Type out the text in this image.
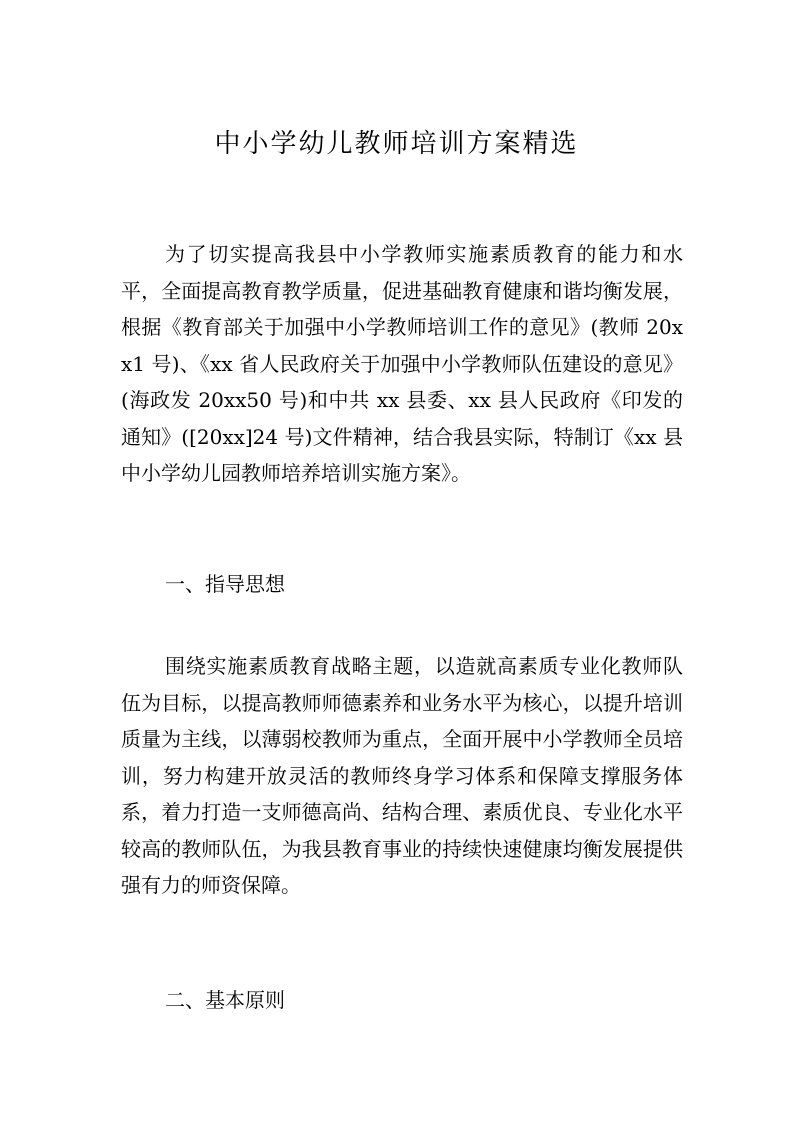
中小学幼儿教师培训方案精选

为了切实提高我县中小学教师实施素质教育的能力和水平，全面提高教育教学质量，促进基础教育健康和谐均衡发展，根据《教育部关于加强中小学教师培训工作的意见》(教师 20xx1 号)、《xx 省人民政府关于加强中小学教师队伍建设的意见》(海政发 20xx50 号)和中共 xx 县委、xx 县人民政府《印发的通知》([20xx]24 号)文件精神，结合我县实际，特制订《xx 县中小学幼儿园教师培养培训实施方案》。

一、指导思想

围绕实施素质教育战略主题，以造就高素质专业化教师队伍为目标，以提高教师师德素养和业务水平为核心，以提升培训质量为主线，以薄弱校教师为重点，全面开展中小学教师全员培训，努力构建开放灵活的教师终身学习体系和保障支撑服务体系，着力打造一支师德高尚、结构合理、素质优良、专业化水平较高的教师队伍，为我县教育事业的持续快速健康均衡发展提供强有力的师资保障。

二、基本原则
